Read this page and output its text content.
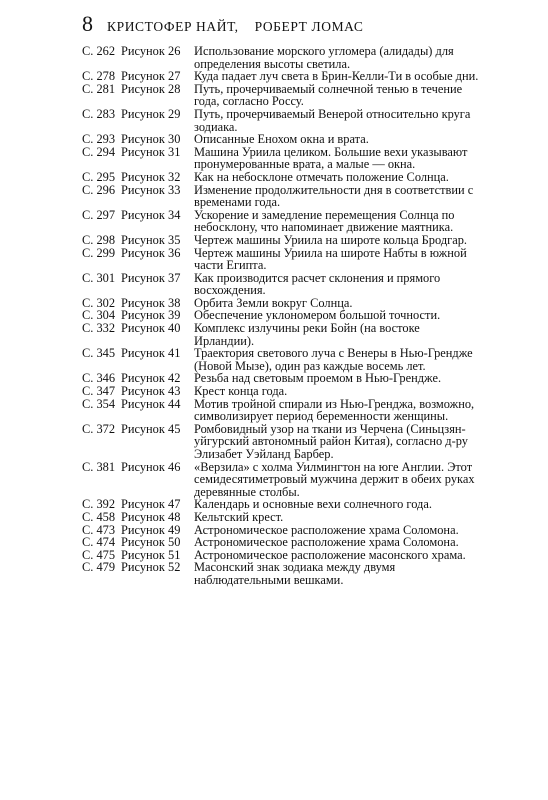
8 КРИСТОФЕР НАЙТ, РОБЕРТ ЛОМАС
С. 262 Рисунок 26	Использование морского угломера (алидады) для определения высоты светила.
С. 278 Рисунок 27	Куда падает луч света в Брин-Келли-Ти в особые дни.
С. 281 Рисунок 28	Путь, прочерчиваемый солнечной тенью в течение года, согласно Россу.
С. 283 Рисунок 29	Путь, прочерчиваемый Венерой относительно круга зодиака.
С. 293 Рисунок 30	Описанные Енохом окна и врата.
С. 294 Рисунок 31	Машина Уриила целиком. Большие вехи указывают пронумерованные врата, а малые — окна.
С. 295 Рисунок 32	Как на небосклоне отмечать положение Солнца.
С. 296 Рисунок 33	Изменение продолжительности дня в соответствии с временами года.
С. 297 Рисунок 34	Ускорение и замедление перемещения Солнца по небосклону, что напоминает движение маятника.
С. 298 Рисунок 35	Чертеж машины Уриила на широте кольца Бродгар.
С. 299 Рисунок 36	Чертеж машины Уриила на широте Набты в южной части Египта.
С. 301 Рисунок 37	Как производится расчет склонения и прямого восхождения.
С. 302 Рисунок 38	Орбита Земли вокруг Солнца.
С. 304 Рисунок 39	Обеспечение уклономером большой точности.
С. 332 Рисунок 40	Комплекс излучины реки Бойн (на востоке Ирландии).
С. 345 Рисунок 41	Траектория светового луча с Венеры в Нью-Грендже (Новой Мызе), один раз каждые восемь лет.
С. 346 Рисунок 42	Резьба над световым проемом в Нью-Грендже.
С. 347 Рисунок 43	Крест конца года.
С. 354 Рисунок 44	Мотив тройной спирали из Нью-Гренджа, возможно, символизирует период беременности женщины.
С. 372 Рисунок 45	Ромбовидный узор на ткани из Черчена (Синьцзян-уйгурский автономный район Китая), согласно д-ру Элизабет Уэйланд Барбер.
С. 381 Рисунок 46	«Верзила» с холма Уилмингтон на юге Англии. Этот семидесятиметровый мужчина держит в обеих руках деревянные столбы.
С. 392 Рисунок 47	Календарь и основные вехи солнечного года.
С. 458 Рисунок 48	Кельтский крест.
С. 473 Рисунок 49	Астрономическое расположение храма Соломона.
С. 474 Рисунок 50	Астрономическое расположение храма Соломона.
С. 475 Рисунок 51	Астрономическое расположение масонского храма.
С. 479 Рисунок 52	Масонский знак зодиака между двумя наблюдательными вешками.
